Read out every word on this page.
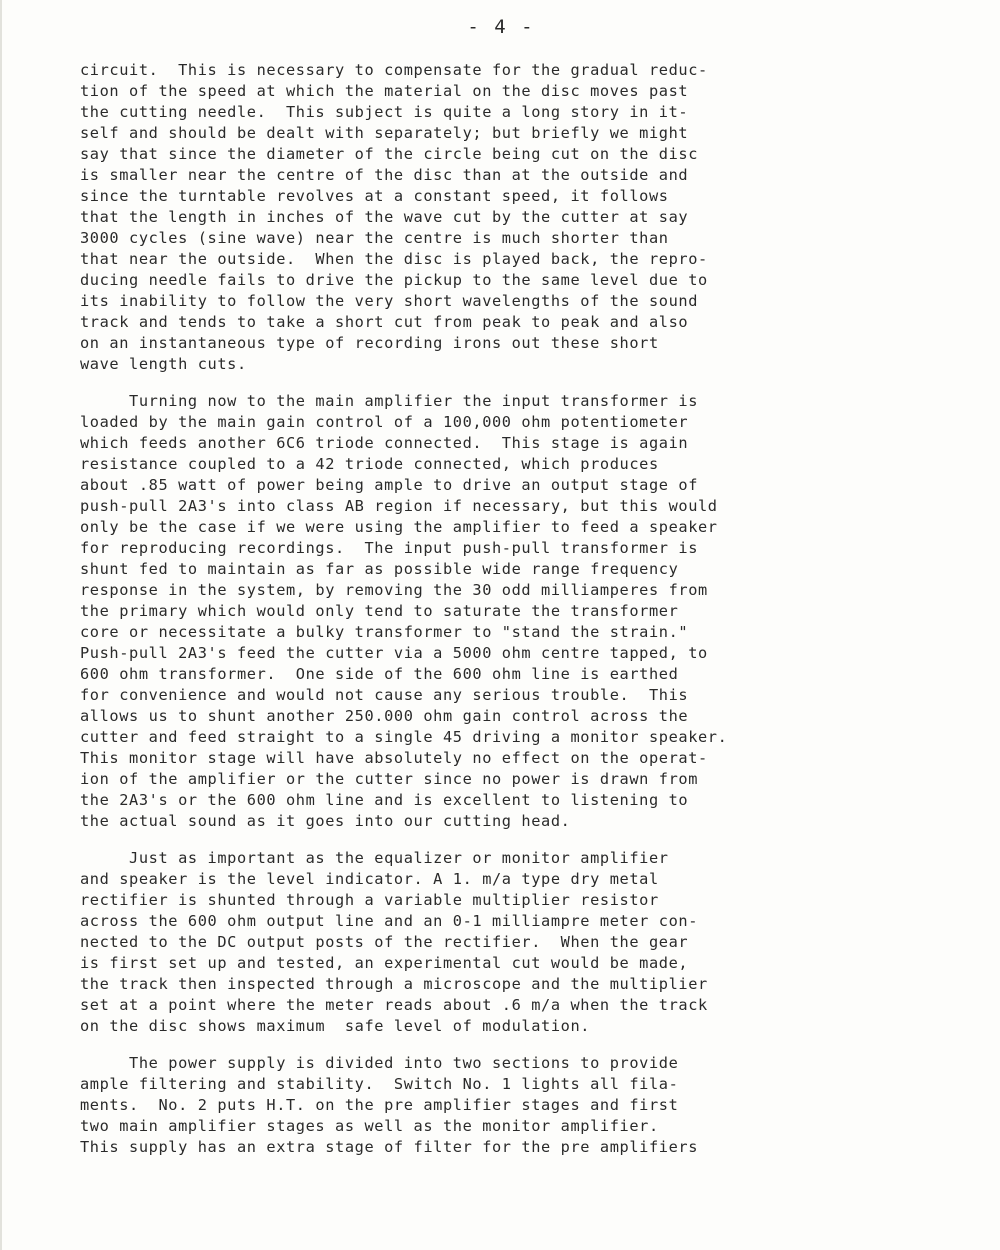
- 4 -
circuit.  This is necessary to compensate for the gradual reduc-
tion of the speed at which the material on the disc moves past
the cutting needle.  This subject is quite a long story in it-
self and should be dealt with separately; but briefly we might
say that since the diameter of the circle being cut on the disc
is smaller near the centre of the disc than at the outside and
since the turntable revolves at a constant speed, it follows
that the length in inches of the wave cut by the cutter at say
3000 cycles (sine wave) near the centre is much shorter than
that near the outside.  When the disc is played back, the repro-
ducing needle fails to drive the pickup to the same level due to
its inability to follow the very short wavelengths of the sound
track and tends to take a short cut from peak to peak and also
on an instantaneous type of recording irons out these short
wave length cuts.
Turning now to the main amplifier the input transformer is
loaded by the main gain control of a 100,000 ohm potentiometer
which feeds another 6C6 triode connected.  This stage is again
resistance coupled to a 42 triode connected, which produces
about .85 watt of power being ample to drive an output stage of
push-pull 2A3's into class AB region if necessary, but this would
only be the case if we were using the amplifier to feed a speaker
for reproducing recordings.  The input push-pull transformer is
shunt fed to maintain as far as possible wide range frequency
response in the system, by removing the 30 odd milliamperes from
the primary which would only tend to saturate the transformer
core or necessitate a bulky transformer to "stand the strain."
Push-pull 2A3's feed the cutter via a 5000 ohm centre tapped, to
600 ohm transformer.  One side of the 600 ohm line is earthed
for convenience and would not cause any serious trouble.  This
allows us to shunt another 250.000 ohm gain control across the
cutter and feed straight to a single 45 driving a monitor speaker.
This monitor stage will have absolutely no effect on the operat-
ion of the amplifier or the cutter since no power is drawn from
the 2A3's or the 600 ohm line and is excellent to listening to
the actual sound as it goes into our cutting head.
Just as important as the equalizer or monitor amplifier
and speaker is the level indicator. A 1. m/a type dry metal
rectifier is shunted through a variable multiplier resistor
across the 600 ohm output line and an 0-1 milliampre meter con-
nected to the DC output posts of the rectifier.  When the gear
is first set up and tested, an experimental cut would be made,
the track then inspected through a microscope and the multiplier
set at a point where the meter reads about .6 m/a when the track
on the disc shows maximum  safe level of modulation.
The power supply is divided into two sections to provide
ample filtering and stability.  Switch No. 1 lights all fila-
ments.  No. 2 puts H.T. on the pre amplifier stages and first
two main amplifier stages as well as the monitor amplifier.
This supply has an extra stage of filter for the pre amplifiers
